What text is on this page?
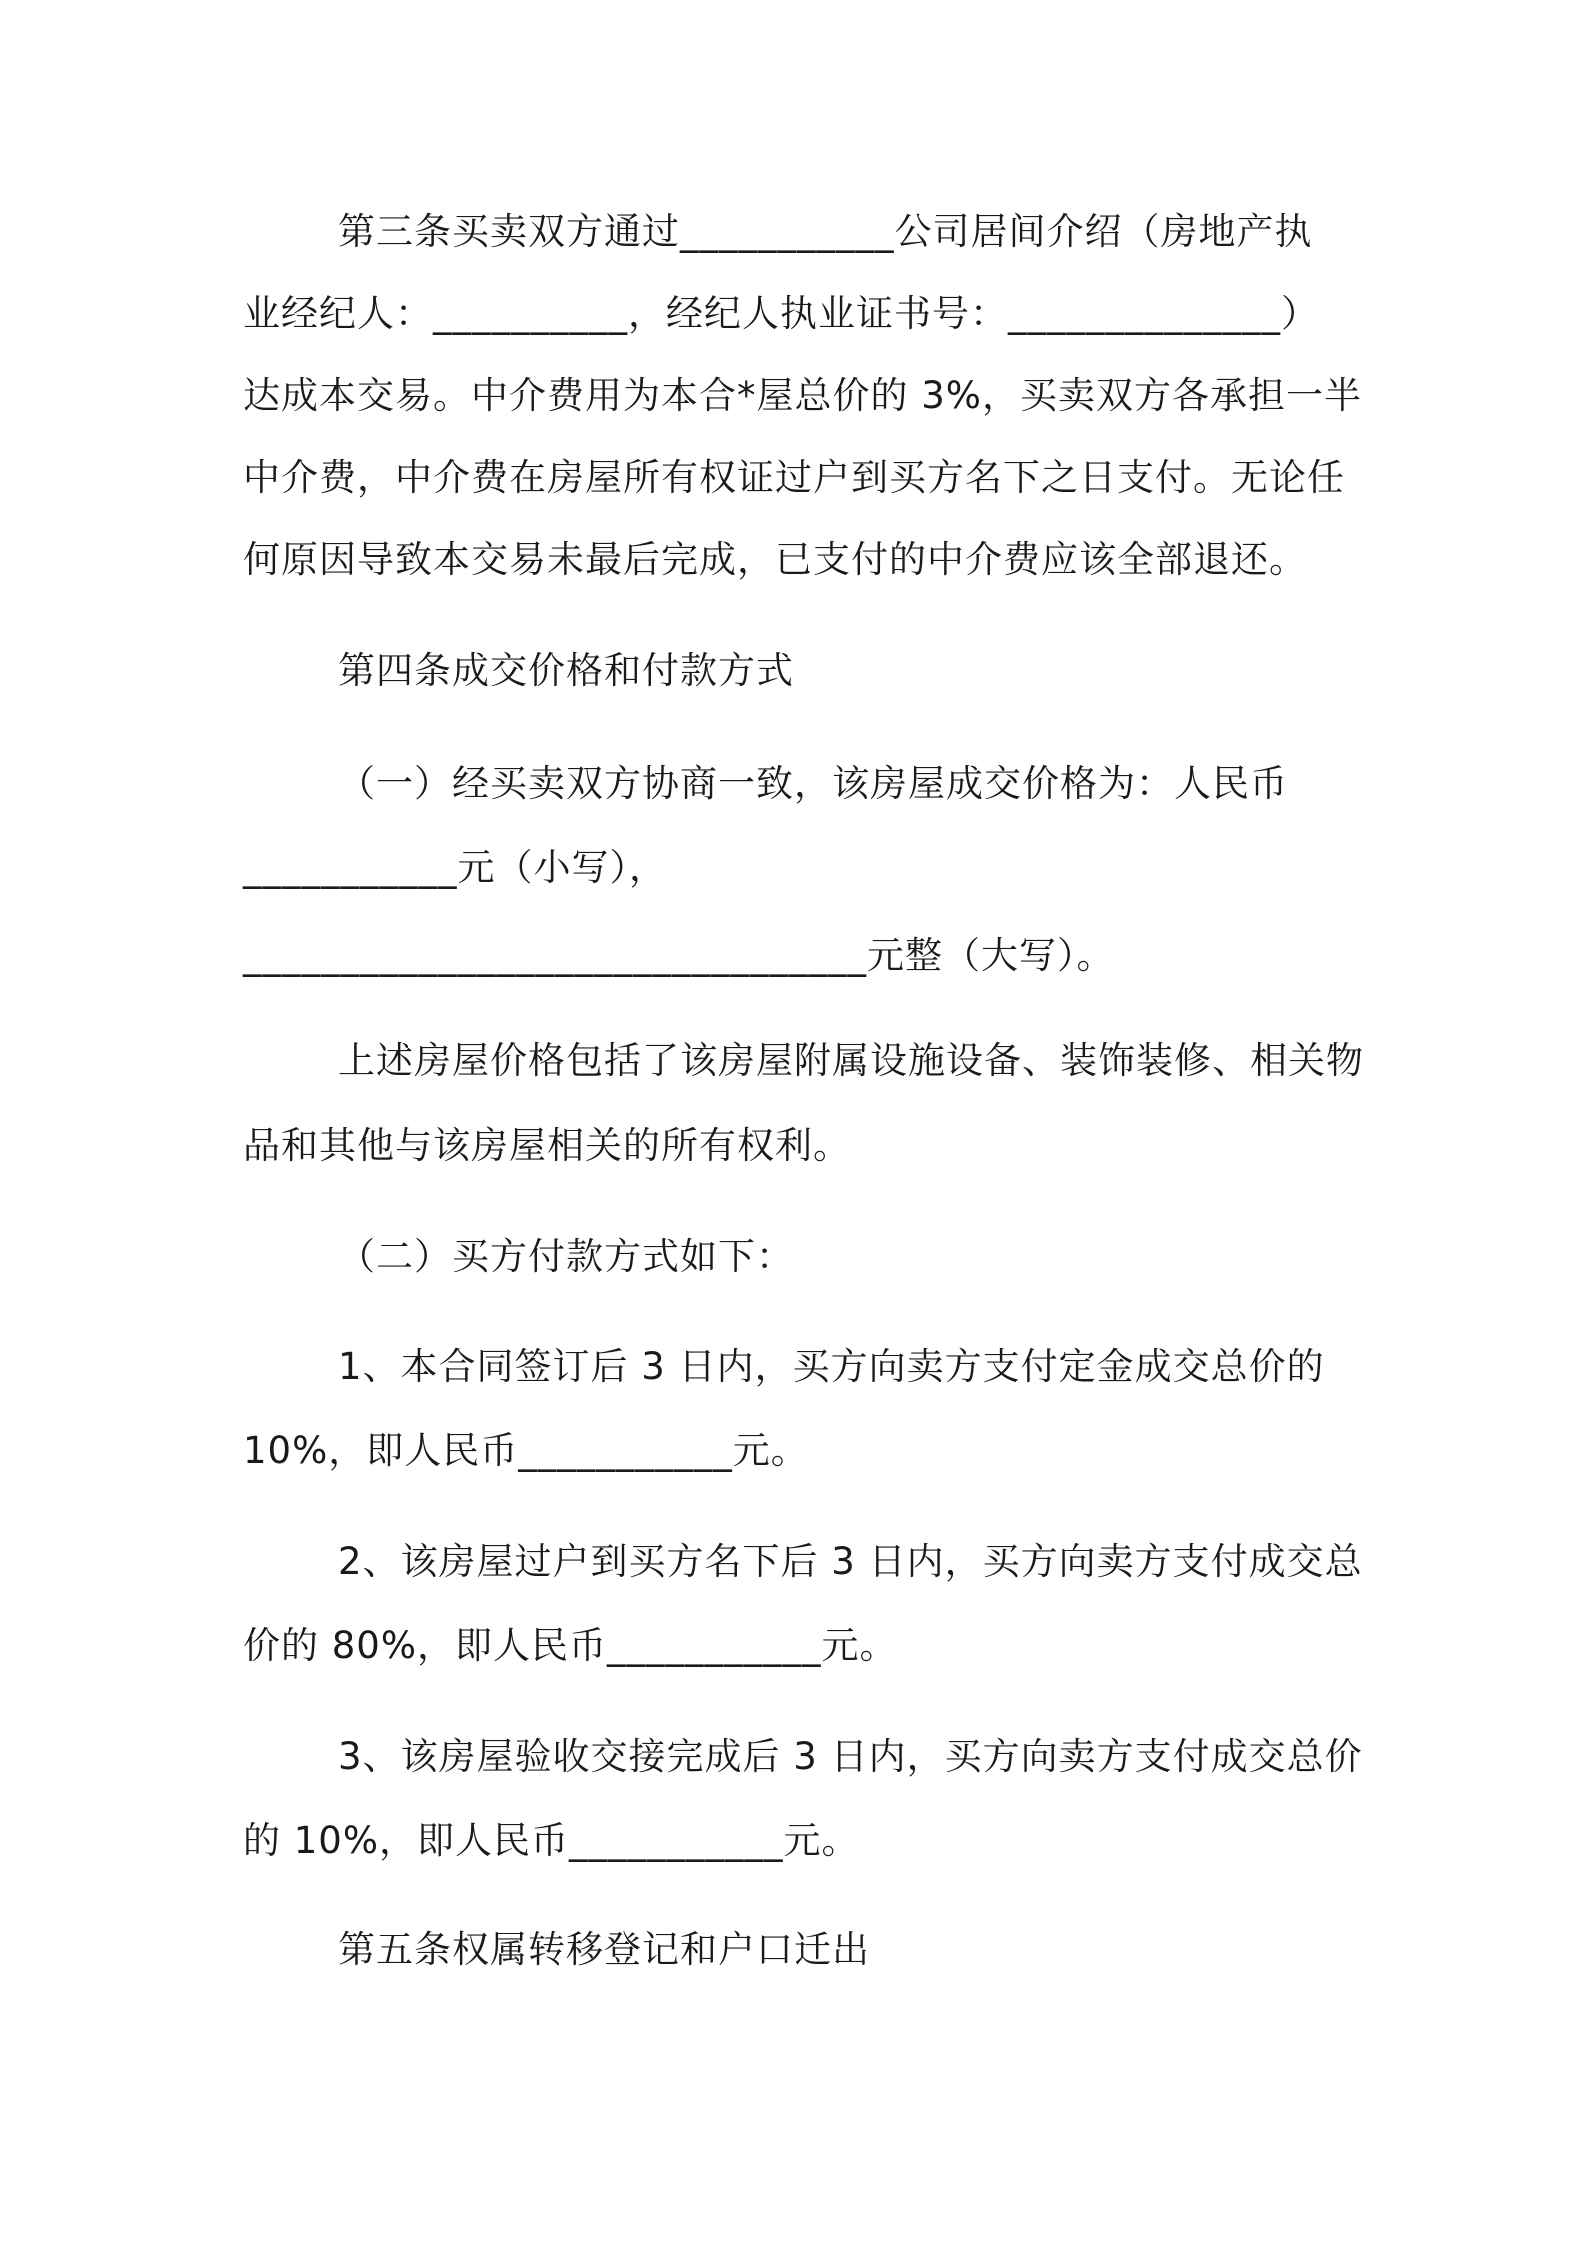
第三条买卖双方通过___________公司居间介绍（房地产执
业经纪人：__________，经纪人执业证书号：______________）
达成本交易。中介费用为本合*屋总价的 3%，买卖双方各承担一半
中介费，中介费在房屋所有权证过户到买方名下之日支付。无论任
何原因导致本交易未最后完成，已支付的中介费应该全部退还。
第四条成交价格和付款方式
（一）经买卖双方协商一致，该房屋成交价格为：人民币
___________元（小写），
________________________________元整（大写）。
上述房屋价格包括了该房屋附属设施设备、装饰装修、相关物
品和其他与该房屋相关的所有权利。
（二）买方付款方式如下：
1、本合同签订后 3 日内，买方向卖方支付定金成交总价的
10%，即人民币___________元。
2、该房屋过户到买方名下后 3 日内，买方向卖方支付成交总
价的 80%，即人民币___________元。
3、该房屋验收交接完成后 3 日内，买方向卖方支付成交总价
的 10%，即人民币___________元。
第五条权属转移登记和户口迁出
